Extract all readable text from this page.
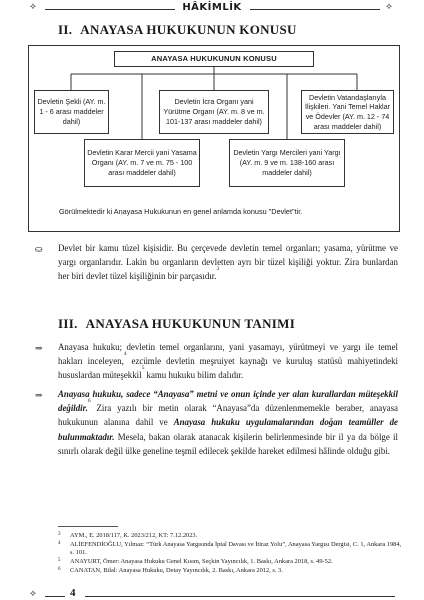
⟡	HÂKİMLİK	⟡
II. ANAYASA HUKUKUNUN KONUSU
ANAYASA HUKUKUNUN KONUSU
Devletin Şekli (AY. m. 1 - 6 arası maddeler dahil)
Devletin İcra Organı yani Yürütme Organı (AY. m. 8 ve m. 101-137 arası maddeler dahil)
Devletin Vatandaşlarıyla İlişkileri. Yani Temel Haklar ve Ödevler (AY. m. 12 - 74 arası maddeler dahil)
Devletin Karar Mercii yani Yasama Organı (AY. m. 7 ve m. 75 - 100 arası maddeler dahil)
Devletin Yargı Mercileri yani Yargı (AY. m. 9 ve m. 138-160 arası maddeler dahil)
Görülmektedir ki Anayasa Hukukunun en genel anlamda konusu "Devlet"tir.
⛀ Devlet bir kamu tüzel kişisidir. Bu çerçevede devletin temel organları; yasama, yürütme ve yargı organlarıdır. Lakin bu organların devletten ayrı bir tüzel kişiliği yoktur. Zira bunlardan her biri devlet tüzel kişiliğinin bir parçasıdır.$^3$
III. ANAYASA HUKUKUNUN TANIMI
⇒ Anayasa hukuku; devletin temel organlarını, yani yasamayı, yürütmeyi ve yargı ile temel hakları inceleyen,$^4$ ezcümle devletin meşruiyet kaynağı ve kuruluş statüsü mahiyetindeki hususlardan müteşekkil$^5$ kamu hukuku bilim dalıdır.
⇒ Anayasa hukuku, sadece “Anayasa” metni ve onun içinde yer alan kurallardan müteşekkil değildir.$^6$ Zira yazılı bir metin olarak “Anayasa”da düzenlenmemekle beraber, anayasa hukukunun alanına dahil ve Anayasa hukuku uygulamalarından doğan teamüller de bulunmaktadır. Mesela, bakan olarak atanacak kişilerin belirlenmesinde bir il ya da bölge il sınırlı olarak değil ülke geneline teşmil edilecek şekilde hareket edilmesi hâlinde olduğu gibi.
3 AYM., E. 2018/117, K. 2023/212, KT: 7.12.2023.
4 ALİEFENDİOĞLU, Yılmaz: “Türk Anayasa Yargısında İptal Davası ve İtiraz Yolu”, Anayasa Yargısı Dergisi, C. 1, Ankara 1984, s. 101.
5 ANAYURT, Ömer: Anayasa Hukuku Genel Kısım, Seçkin Yayıncılık, 1. Baskı, Ankara 2018, s. 49-52.
6 CANATAN, Bilal: Anayasa Hukuku, Detay Yayıncılık, 2. Baskı, Ankara 2012, s. 3.
⟡	4
